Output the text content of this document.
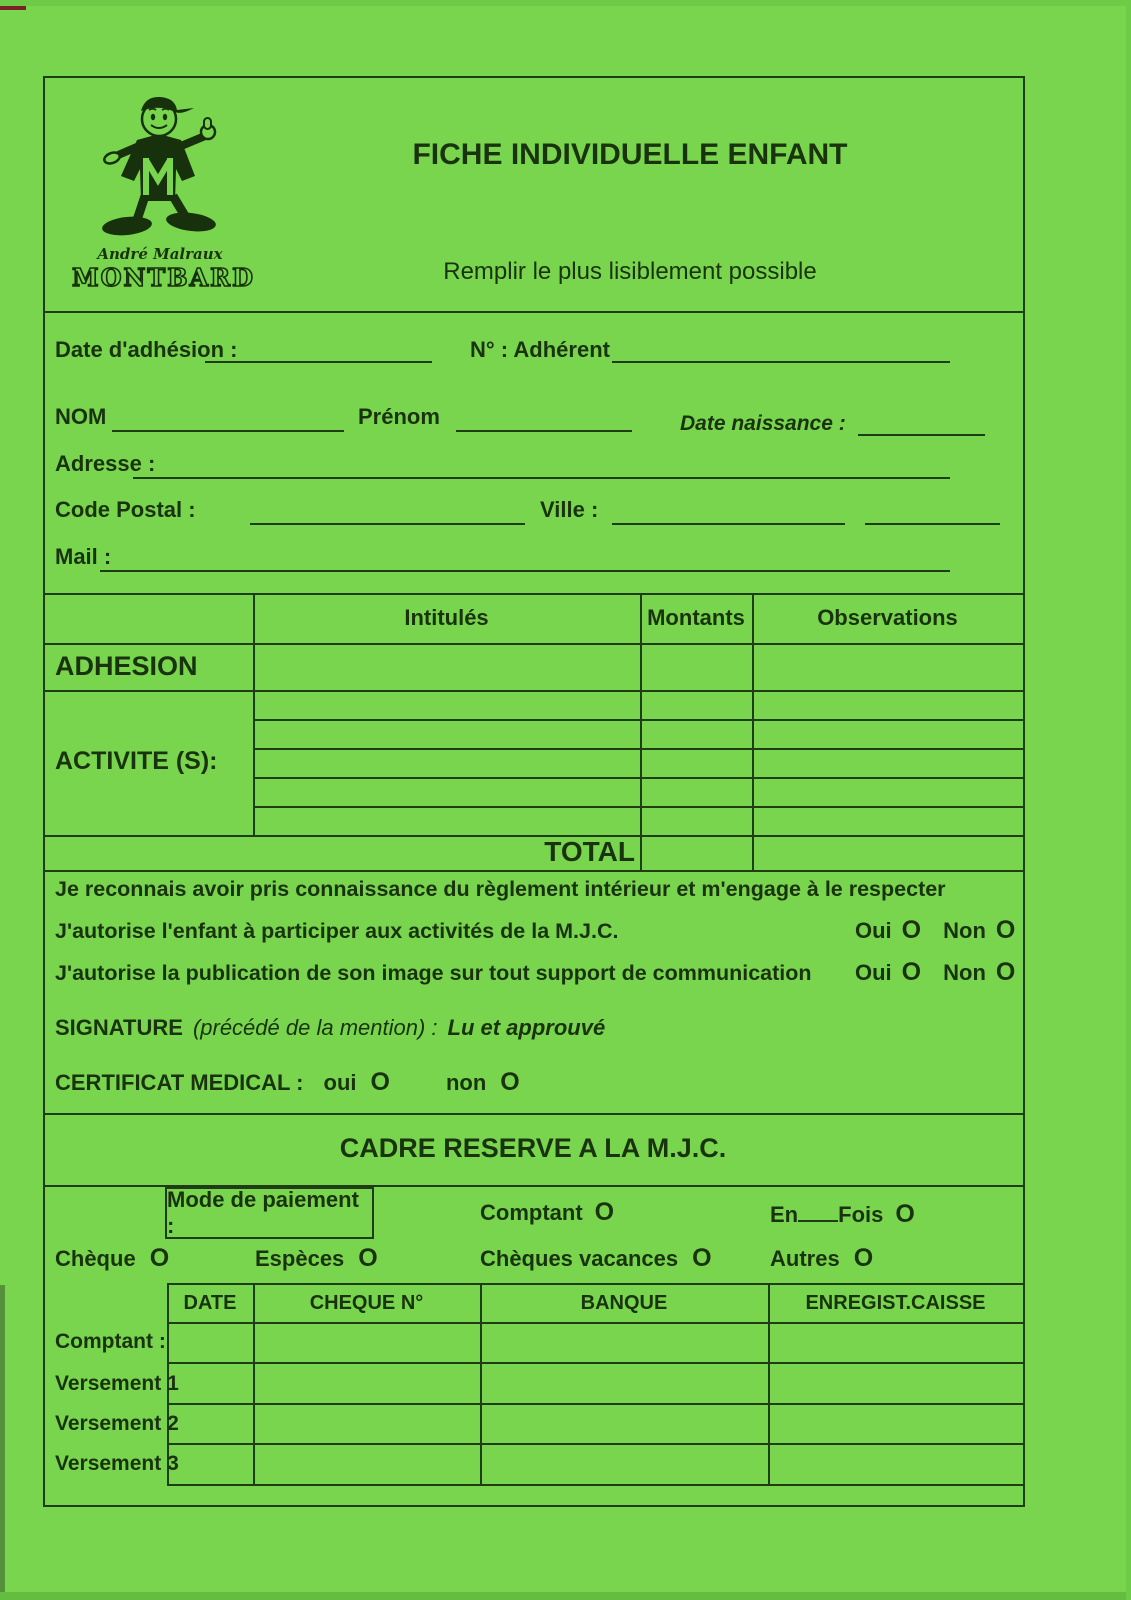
André Malraux
MONTBARD
FICHE INDIVIDUELLE ENFANT
Remplir le plus lisiblement possible
Date d'adhésion :	N° : Adhérent
NOM	Prénom	Date naissance :
Adresse :
Code Postal :	Ville :
Mail :
Intitulés	Montants	Observations
ADHESION
ACTIVITE (S):
TOTAL
Je reconnais avoir pris connaissance du règlement intérieur et m'engage à le respecter
J'autorise l'enfant à participer aux activités de la M.J.C.	Oui O Non O
J'autorise la publication de son image sur tout support de communication Oui O Non O
SIGNATURE (précédé de la mention) : Lu et approuvé
CERTIFICAT MEDICAL : oui O	non O
CADRE RESERVE A LA M.J.C.
Mode de paiement :
Comptant O	En Fois O
Chèque O	Espèces O	Chèques vacances O	Autres O
DATE	CHEQUE N°	BANQUE	ENREGIST.CAISSE
Comptant :
Versement 1
Versement 2
Versement 3
